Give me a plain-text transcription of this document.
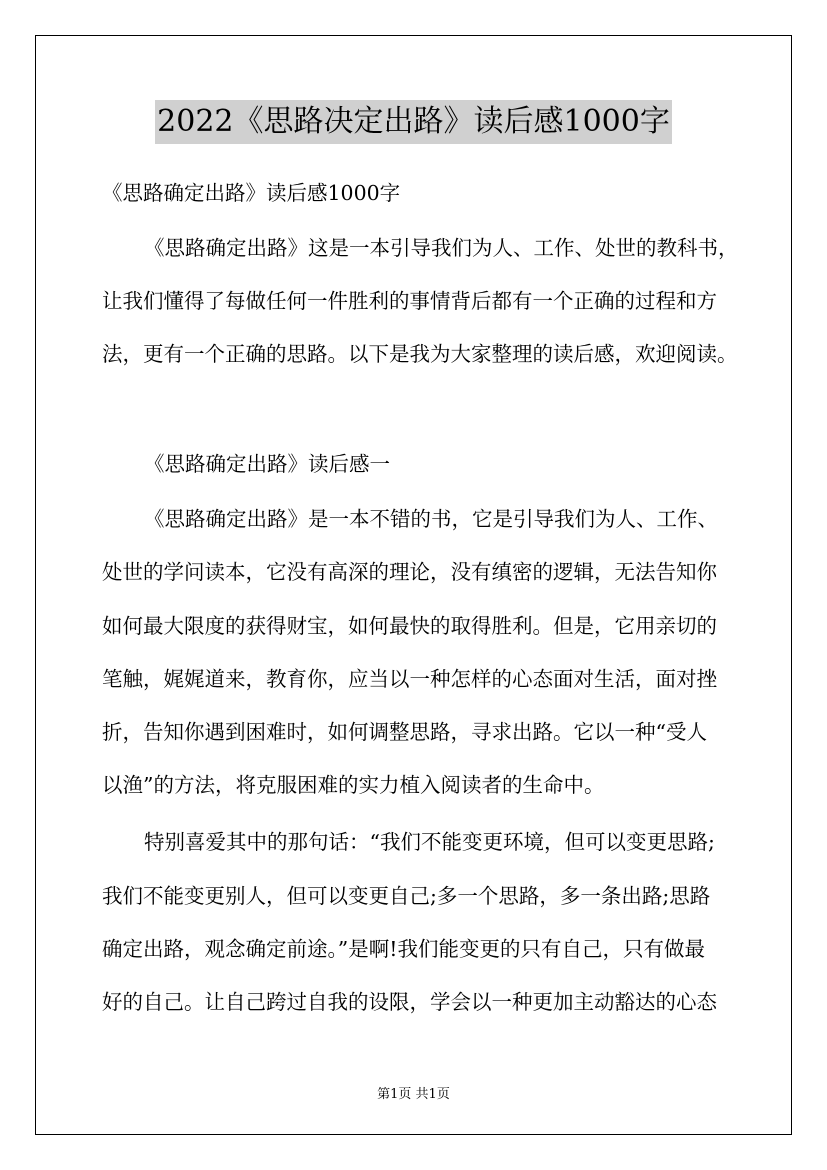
2022《思路决定出路》读后感1000字
《思路确定出路》读后感1000字
《思路确定出路》这是一本引导我们为人、工作、处世的教科书，
让我们懂得了每做任何一件胜利的事情背后都有一个正确的过程和方
法，更有一个正确的思路。以下是我为大家整理的读后感，欢迎阅读。
《思路确定出路》读后感一
《思路确定出路》是一本不错的书，它是引导我们为人、工作、
处世的学问读本，它没有高深的理论，没有缜密的逻辑，无法告知你
如何最大限度的获得财宝，如何最快的取得胜利。但是，它用亲切的
笔触，娓娓道来，教育你，应当以一种怎样的心态面对生活，面对挫
折，告知你遇到困难时，如何调整思路，寻求出路。它以一种“受人
以渔”的方法，将克服困难的实力植入阅读者的生命中。
特别喜爱其中的那句话：“我们不能变更环境，但可以变更思路;
我们不能变更别人，但可以变更自己;多一个思路，多一条出路;思路
确定出路，观念确定前途。”是啊!我们能变更的只有自己，只有做最
好的自己。让自己跨过自我的设限，学会以一种更加主动豁达的心态
第1页 共1页
